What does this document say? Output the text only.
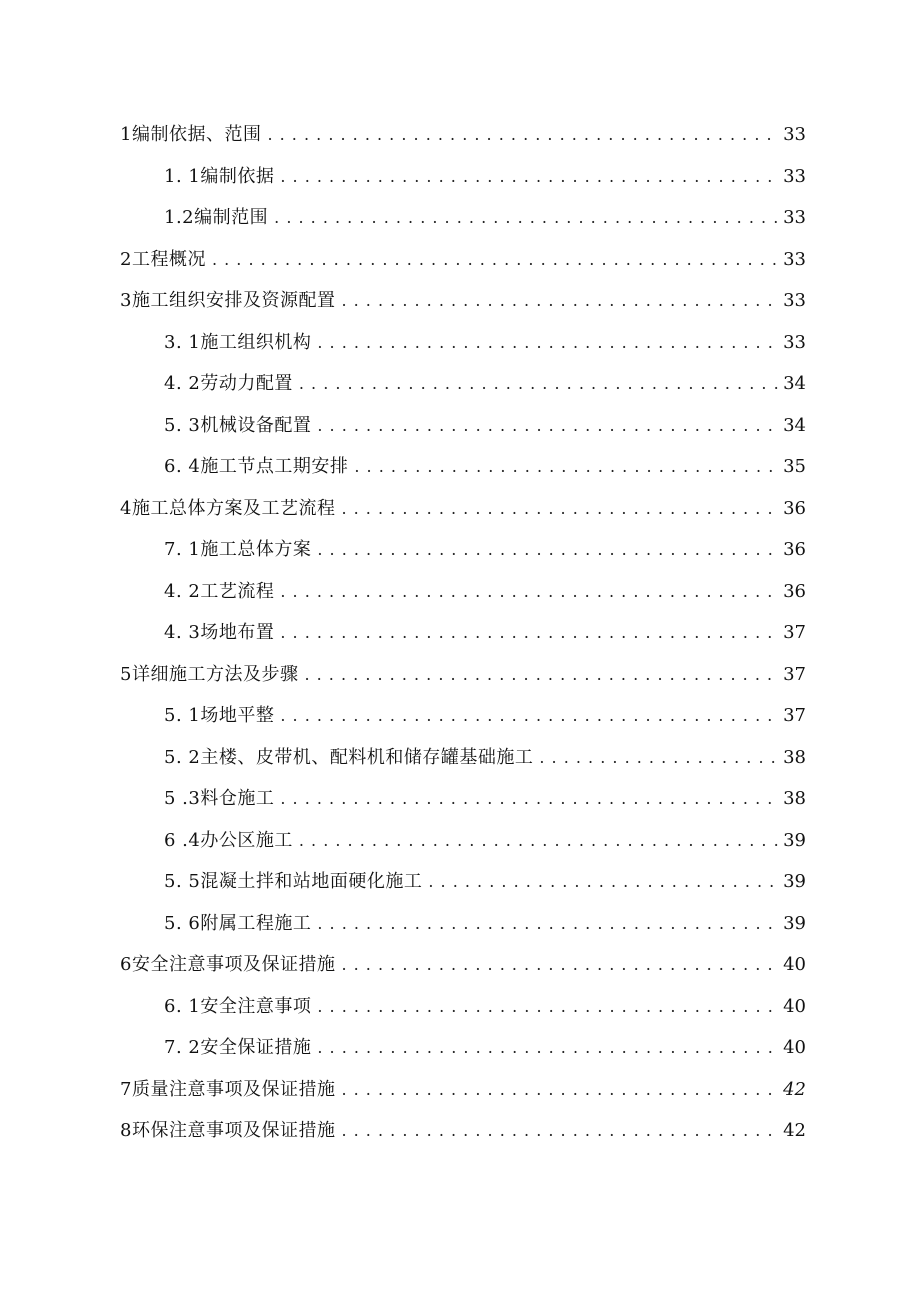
1编制依据、范围 . . .	33
1. 1编制依据 . . .	33
1.2编制范围 . . .	33
2工程概况 . . .	33
3施工组织安排及资源配置 . . .	33
3. 1施工组织机构 . . .	33
4. 2劳动力配置 . . .	34
5. 3机械设备配置 . . .	34
6. 4施工节点工期安排 . . .	35
4施工总体方案及工艺流程 . . .	36
7. 1施工总体方案 . . .	36
4. 2工艺流程 . . .	36
4. 3场地布置 . . .	37
5详细施工方法及步骤 . . .	37
5. 1场地平整 . . .	37
5. 2主楼、皮带机、配料机和储存罐基础施工 . . .	38
5 .3料仓施工 . . .	38
6 .4办公区施工 . . .	39
5. 5混凝土拌和站地面硬化施工 . . .	39
5. 6附属工程施工 . . .	39
6安全注意事项及保证措施 . . .	40
6. 1安全注意事项 . . .	40
7. 2安全保证措施 . . .	40
7质量注意事项及保证措施 . . .	42
8环保注意事项及保证措施 . . .	42
